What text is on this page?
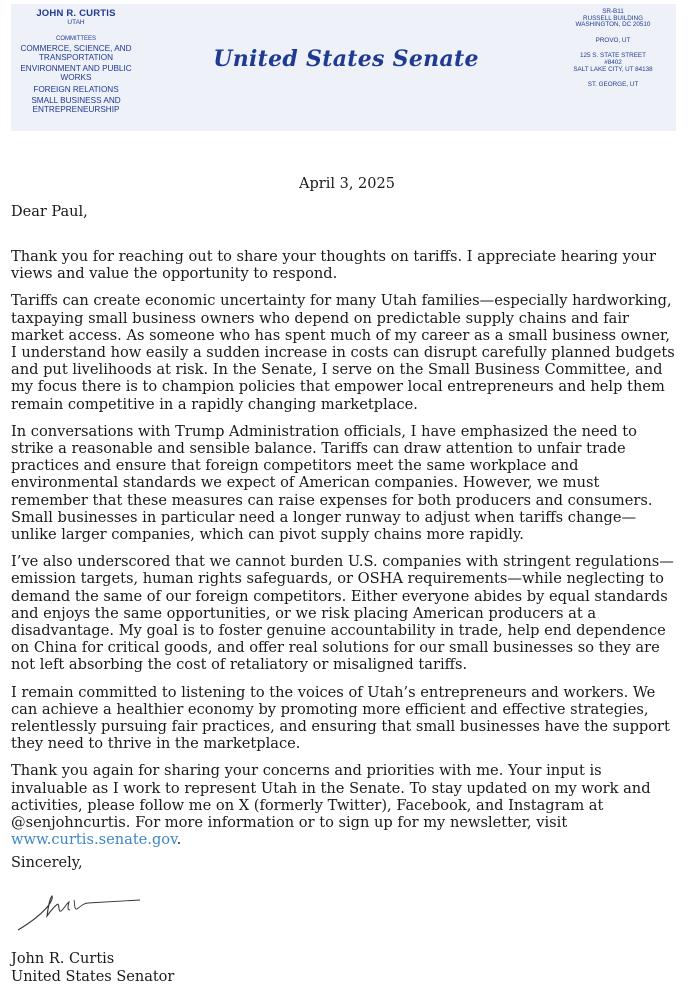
JOHN R. CURTIS
UTAH
COMMITTEES
COMMERCE, SCIENCE, AND TRANSPORTATION
ENVIRONMENT AND PUBLIC WORKS
FOREIGN RELATIONS
SMALL BUSINESS AND ENTREPRENEURSHIP
United States Senate
SR-B11
RUSSELL BUILDING
WASHINGTON, DC 20510
PROVO, UT
125 S. STATE STREET
#8402
SALT LAKE CITY, UT 84138
ST. GEORGE, UT
April 3, 2025
Dear Paul,

Thank you for reaching out to share your thoughts on tariffs. I appreciate hearing your views and value the opportunity to respond.

Tariffs can create economic uncertainty for many Utah families—especially hardworking, taxpaying small business owners who depend on predictable supply chains and fair market access. As someone who has spent much of my career as a small business owner, I understand how easily a sudden increase in costs can disrupt carefully planned budgets and put livelihoods at risk. In the Senate, I serve on the Small Business Committee, and my focus there is to champion policies that empower local entrepreneurs and help them remain competitive in a rapidly changing marketplace.

In conversations with Trump Administration officials, I have emphasized the need to strike a reasonable and sensible balance. Tariffs can draw attention to unfair trade practices and ensure that foreign competitors meet the same workplace and environmental standards we expect of American companies. However, we must remember that these measures can raise expenses for both producers and consumers. Small businesses in particular need a longer runway to adjust when tariffs change—unlike larger companies, which can pivot supply chains more rapidly.

I’ve also underscored that we cannot burden U.S. companies with stringent regulations—emission targets, human rights safeguards, or OSHA requirements—while neglecting to demand the same of our foreign competitors. Either everyone abides by equal standards and enjoys the same opportunities, or we risk placing American producers at a disadvantage. My goal is to foster genuine accountability in trade, help end dependence on China for critical goods, and offer real solutions for our small businesses so they are not left absorbing the cost of retaliatory or misaligned tariffs.

I remain committed to listening to the voices of Utah’s entrepreneurs and workers. We can achieve a healthier economy by promoting more efficient and effective strategies, relentlessly pursuing fair practices, and ensuring that small businesses have the support they need to thrive in the marketplace.

Thank you again for sharing your concerns and priorities with me. Your input is invaluable as I work to represent Utah in the Senate. To stay updated on my work and activities, please follow me on X (formerly Twitter), Facebook, and Instagram at @senjohncurtis. For more information or to sign up for my newsletter, visit www.curtis.senate.gov.

Sincerely,
John R. Curtis
United States Senator
